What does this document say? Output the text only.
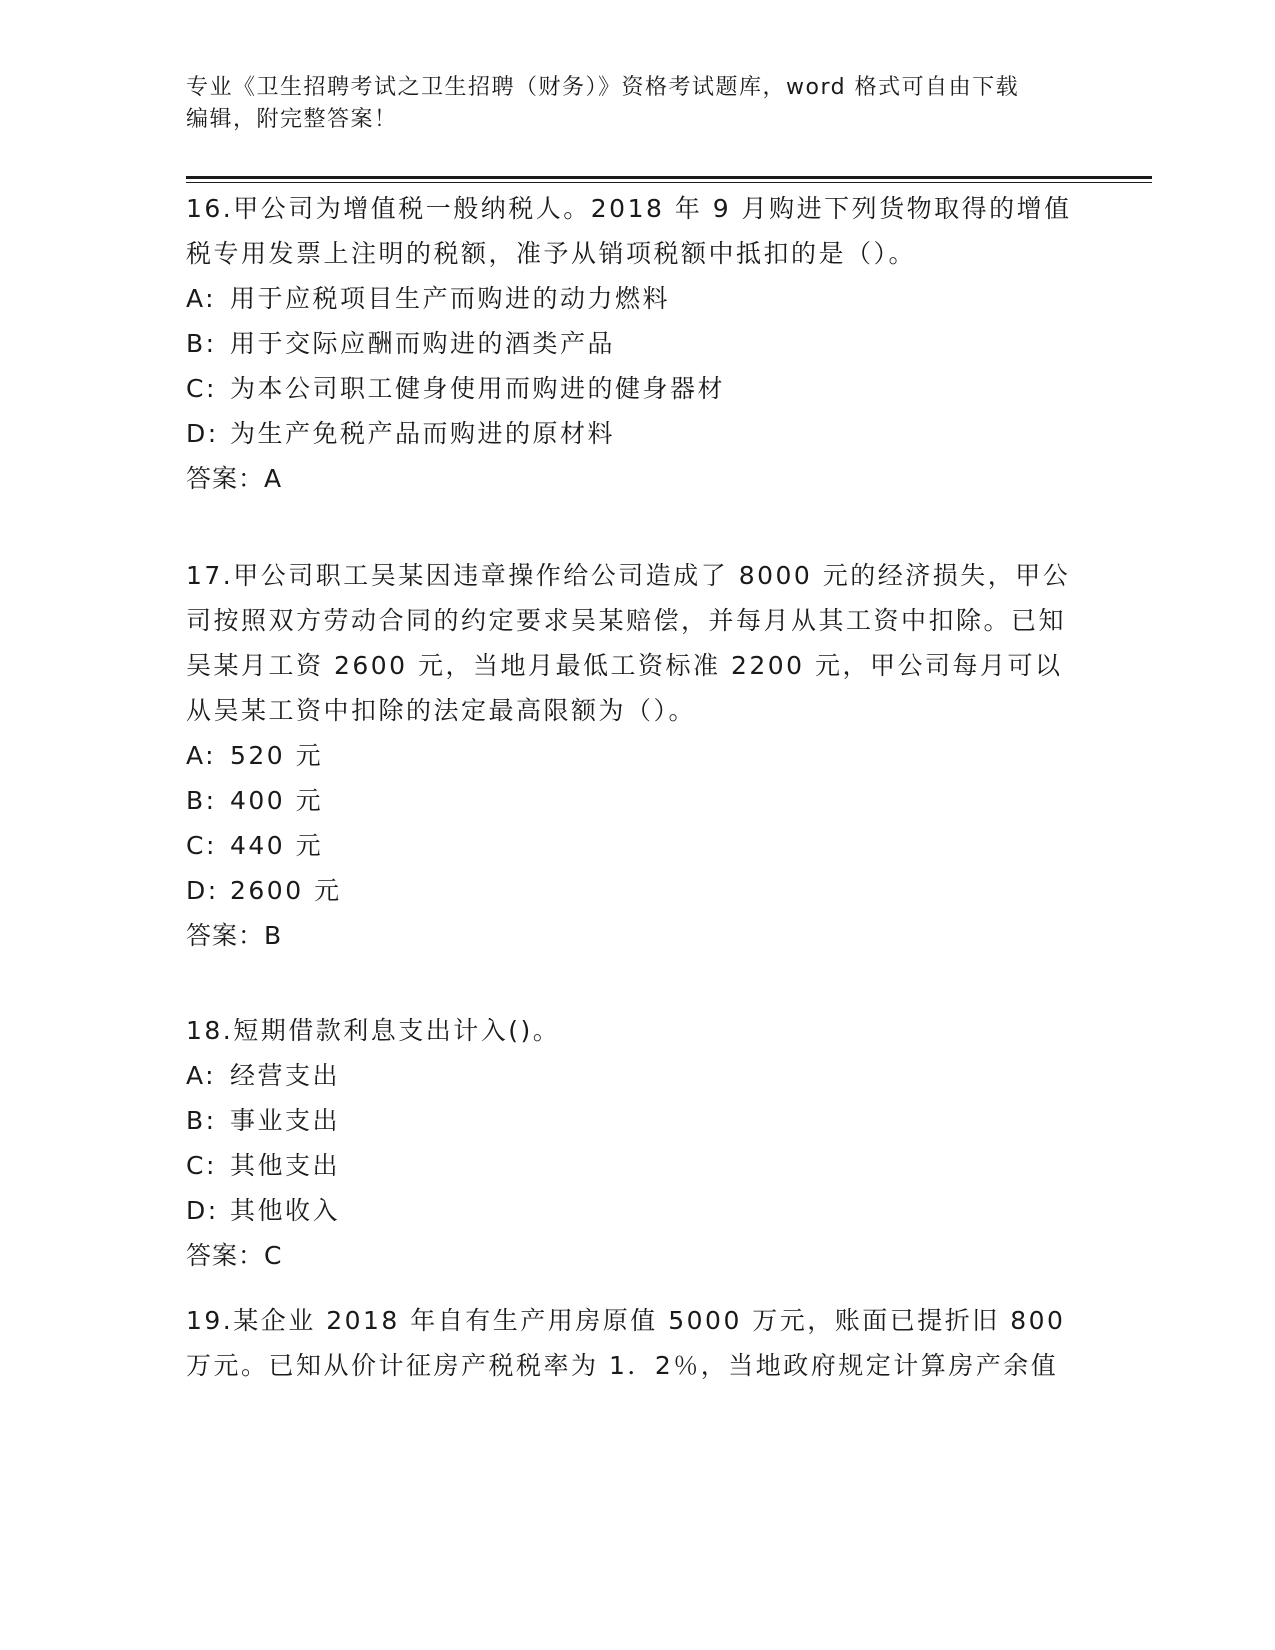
专业《卫生招聘考试之卫生招聘（财务）》资格考试题库，word 格式可自由下载
编辑，附完整答案！

16.甲公司为增值税一般纳税人。2018 年 9 月购进下列货物取得的增值税专用发票上注明的税额，准予从销项税额中抵扣的是（）。

A: 用于应税项目生产而购进的动力燃料

B: 用于交际应酬而购进的酒类产品

C: 为本公司职工健身使用而购进的健身器材

D: 为生产免税产品而购进的原材料

答案：A

17.甲公司职工吴某因违章操作给公司造成了 8000 元的经济损失，甲公司按照双方劳动合同的约定要求吴某赔偿，并每月从其工资中扣除。已知吴某月工资 2600 元，当地月最低工资标准 2200 元，甲公司每月可以从吴某工资中扣除的法定最高限额为（）。

A: 520 元

B: 400 元

C: 440 元

D: 2600 元

答案：B

18.短期借款利息支出计入()。

A: 经营支出

B: 事业支出

C: 其他支出

D: 其他收入

答案：C

19.某企业 2018 年自有生产用房原值 5000 万元，账面已提折旧 800 万元。已知从价计征房产税税率为 1．2％，当地政府规定计算房产余值
